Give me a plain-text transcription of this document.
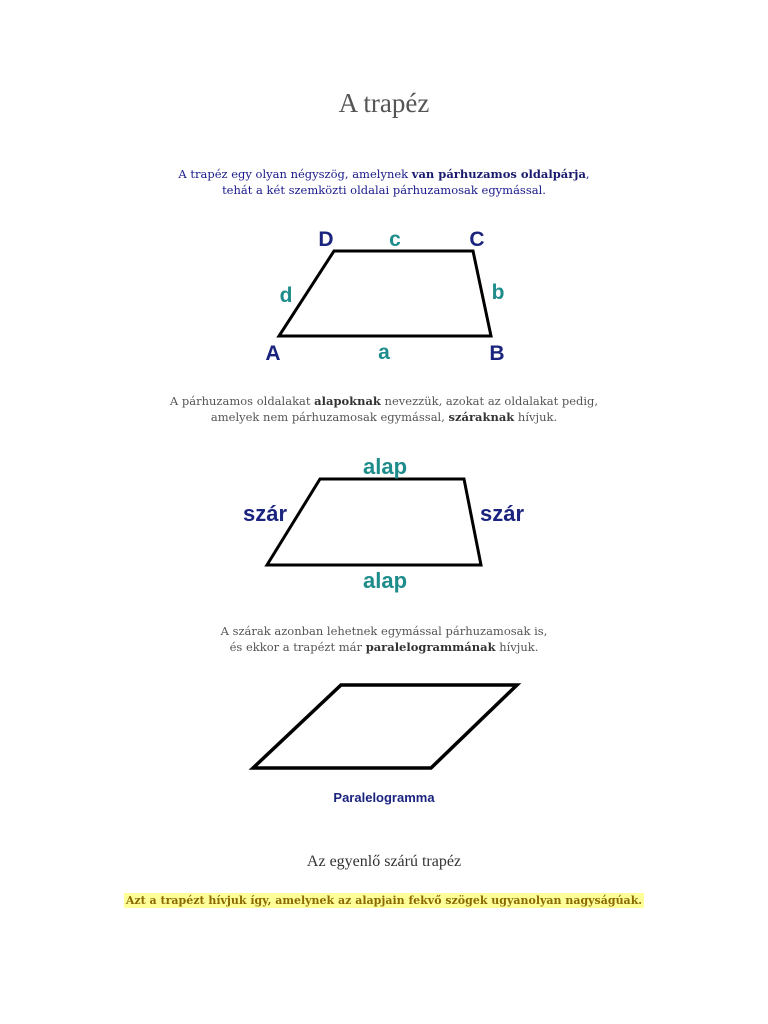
A trapéz
A trapéz egy olyan négyszög, amelynek van párhuzamos oldalpárja,
tehát a két szemközti oldalai párhuzamosak egymással.
D	c	C
d	b
A	a	B
A párhuzamos oldalakat alapoknak nevezzük, azokat az oldalakat pedig,
amelyek nem párhuzamosak egymással, száraknak hívjuk.
alap
szár	szár
alap
A szárak azonban lehetnek egymással párhuzamosak is,
és ekkor a trapézt már paralelogrammának hívjuk.
Paralelogramma
Az egyenlő szárú trapéz
Azt a trapézt hívjuk így, amelynek az alapjain fekvő szögek ugyanolyan nagyságúak.
